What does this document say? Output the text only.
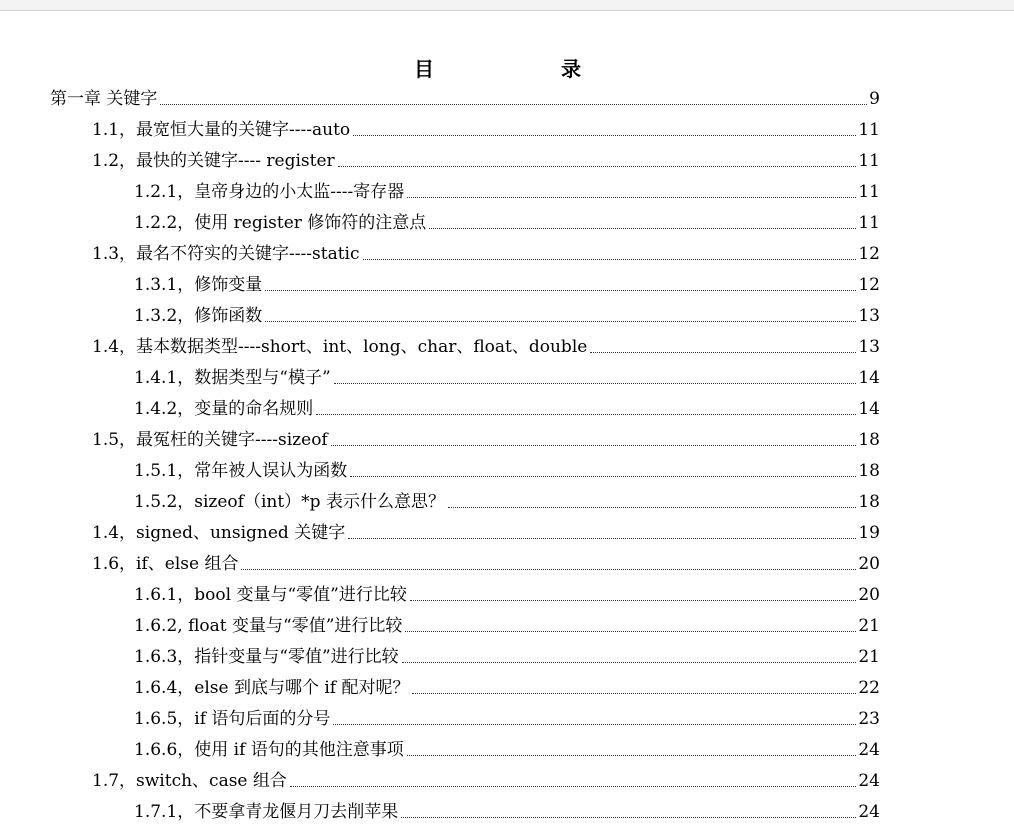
目 录
第一章 关键字	9
1.1，最宽恒大量的关键字----auto	11
1.2，最快的关键字---- register	11
1.2.1，皇帝身边的小太监----寄存器	11
1.2.2，使用 register 修饰符的注意点	11
1.3，最名不符实的关键字----static	12
1.3.1，修饰变量	12
1.3.2，修饰函数	13
1.4，基本数据类型----short、int、long、char、float、double	13
1.4.1，数据类型与“模子”	14
1.4.2，变量的命名规则	14
1.5，最冤枉的关键字----sizeof	18
1.5.1，常年被人误认为函数	18
1.5.2，sizeof（int）*p 表示什么意思？	18
1.4，signed、unsigned 关键字	19
1.6，if、else 组合	20
1.6.1，bool 变量与“零值”进行比较	20
1.6.2, float 变量与“零值”进行比较	21
1.6.3，指针变量与“零值”进行比较	21
1.6.4，else 到底与哪个 if 配对呢？	22
1.6.5，if 语句后面的分号	23
1.6.6，使用 if 语句的其他注意事项	24
1.7，switch、case 组合	24
1.7.1，不要拿青龙偃月刀去削苹果	24
